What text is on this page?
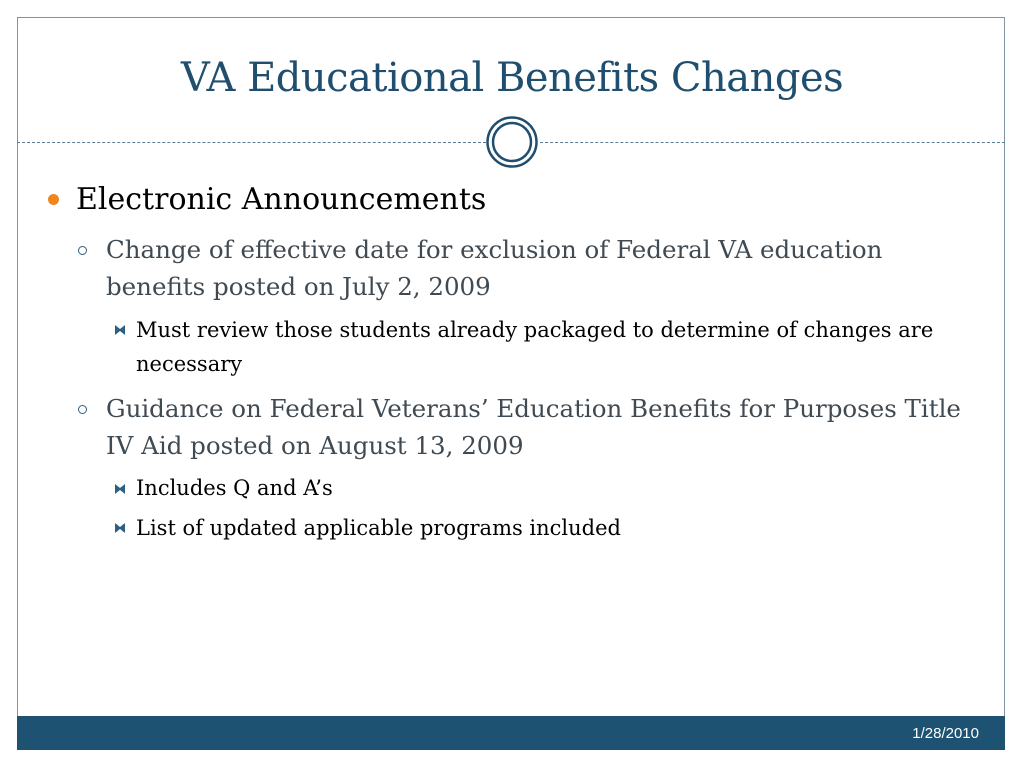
VA Educational Benefits Changes
Electronic Announcements
Change of effective date for exclusion of Federal VA education benefits posted on July 2, 2009
Must review those students already packaged to determine of changes are necessary
Guidance on Federal Veterans’ Education Benefits for Purposes Title IV Aid posted on August 13, 2009
Includes Q and A’s
List of updated applicable programs included
1/28/2010
